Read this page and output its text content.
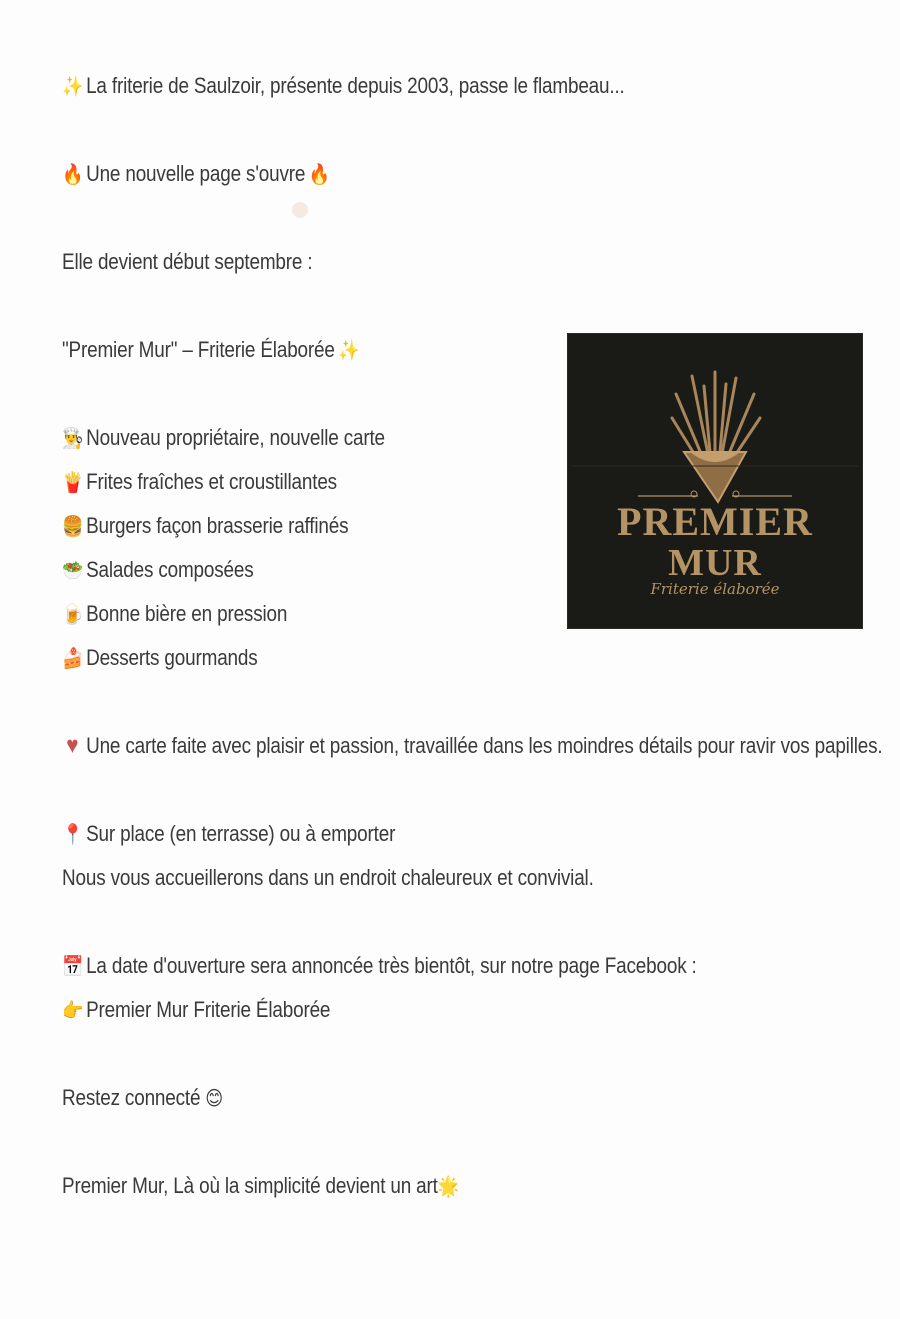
✨ La friterie de Saulzoir, présente depuis 2003, passe le flambeau...
🔥 Une nouvelle page s'ouvre 🔥
Elle devient début septembre :
"Premier Mur" – Friterie Élaborée ✨
👨‍🍳 Nouveau propriétaire, nouvelle carte
🍟 Frites fraîches et croustillantes
🍔 Burgers façon brasserie raffinés
🥗 Salades composées
🍺 Bonne bière en pression
🍰 Desserts gourmands
♥ Une carte faite avec plaisir et passion, travaillée dans les moindres détails pour ravir vos papilles.
📍 Sur place (en terrasse) ou à emporter
Nous vous accueillerons dans un endroit chaleureux et convivial.
📅 La date d'ouverture sera annoncée très bientôt, sur notre page Facebook :
👉 Premier Mur Friterie Élaborée
Restez connecté 😊
Premier Mur, Là où la simplicité devient un art🌟
PREMIER
MUR
Friterie élaborée
